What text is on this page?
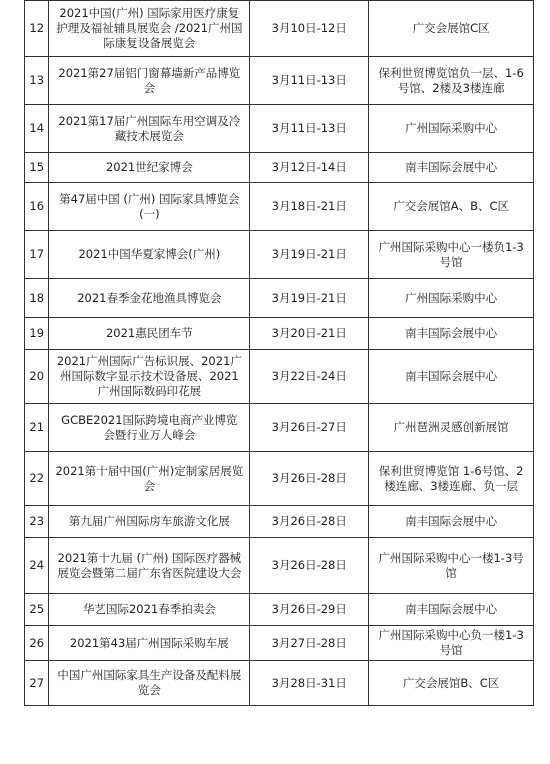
12	2021中国(广州) 国际家用医疗康复护理及福祉辅具展览会 /2021广州国际康复设备展览会	3月10日-12日	广交会展馆C区
13	2021第27届铝门窗幕墙新产品博览会	3月11日-13日	保利世贸博览馆负一层、1-6号馆、2楼及3楼连廊
14	2021第17届广州国际车用空调及冷藏技术展览会	3月11日-13日	广州国际采购中心
15	2021世纪家博会	3月12日-14日	南丰国际会展中心
16	第47届中国 (广州) 国际家具博览会 (一)	3月18日-21日	广交会展馆A、B、C区
17	2021中国华夏家博会(广州)	3月19日-21日	广州国际采购中心一楼负1-3号馆
18	2021春季金花地渔具博览会	3月19日-21日	广州国际采购中心
19	2021惠民团车节	3月20日-21日	南丰国际会展中心
20	2021广州国际广告标识展、2021广州国际数字显示技术设备展、2021广州国际数码印花展	3月22日-24日	南丰国际会展中心
21	GCBE2021国际跨境电商产业博览会暨行业万人峰会	3月26日-27日	广州琶洲灵感创新展馆
22	2021第十届中国(广州)定制家居展览会	3月26日-28日	保利世贸博览馆 1-6号馆、2楼连廊、3楼连廊、负一层
23	第九届广州国际房车旅游文化展	3月26日-28日	南丰国际会展中心
24	2021第十九届 (广州) 国际医疗器械展览会暨第二届广东省医院建设大会	3月26日-28日	广州国际采购中心一楼1-3号馆
25	华艺国际2021春季拍卖会	3月26日-29日	南丰国际会展中心
26	2021第43届广州国际采购车展	3月27日-28日	广州国际采购中心负一楼1-3号馆
27	中国广州国际家具生产设备及配料展览会	3月28日-31日	广交会展馆B、C区
